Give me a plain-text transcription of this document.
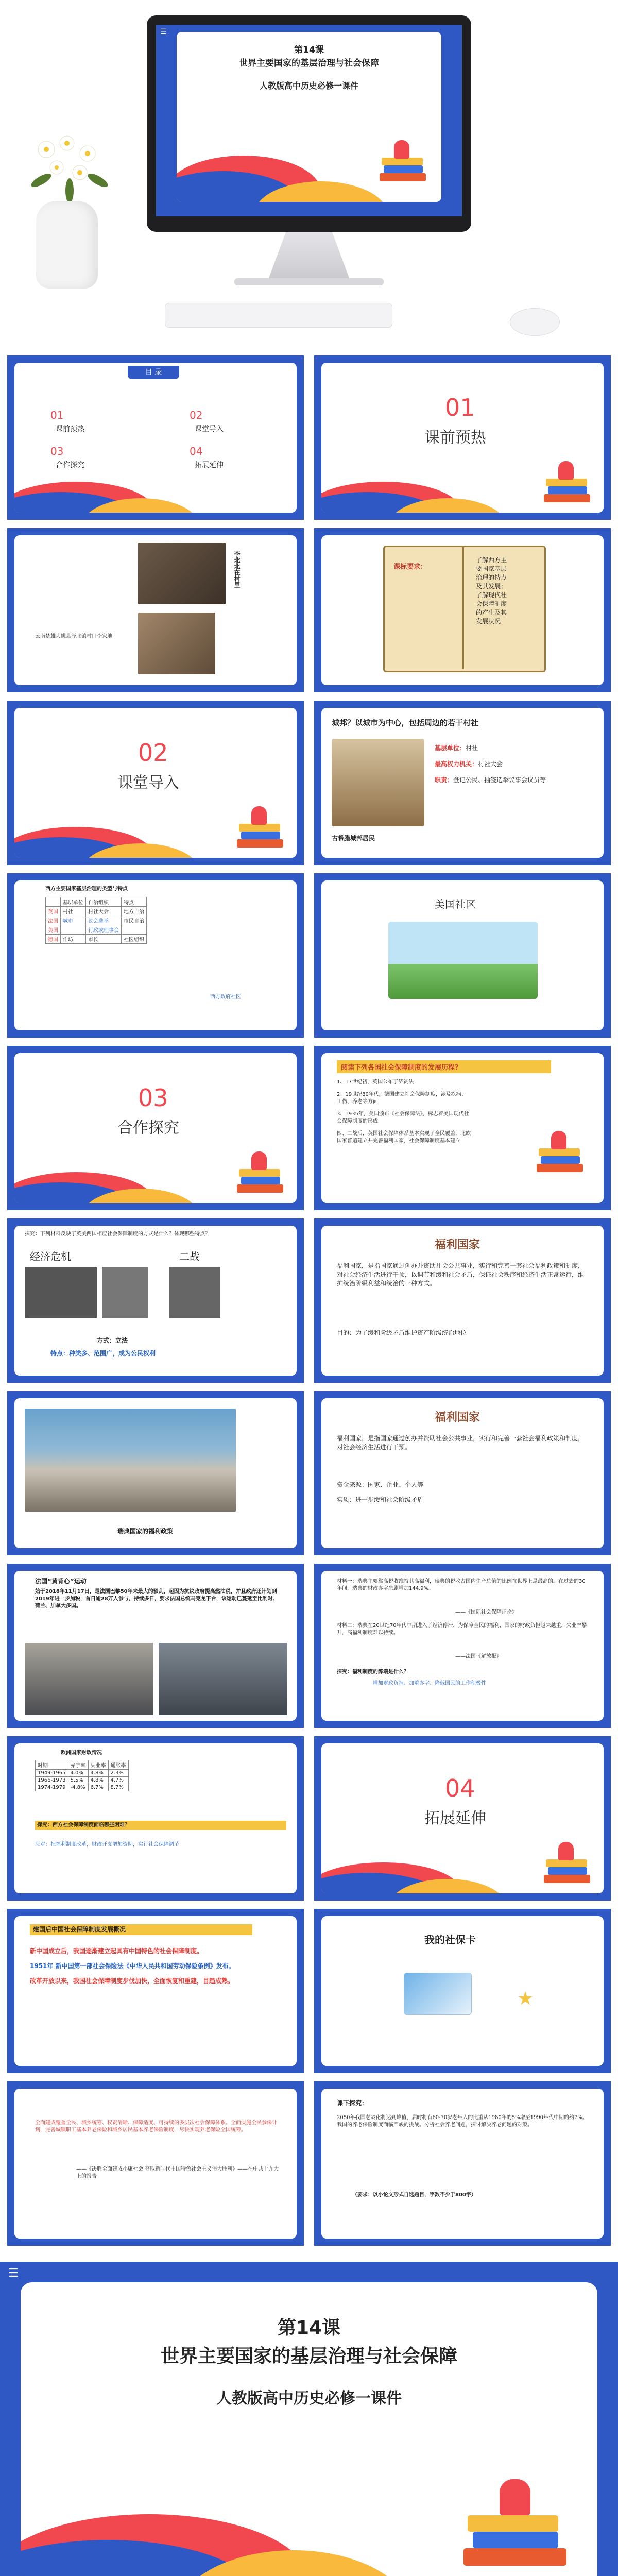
第14课
世界主要国家的基层治理与社会保障
人教版高中历史必修一课件
☰
目 录
01
课前预热
02
课堂导入
03
合作探究
04
拓展延伸
01
课前预热
李北北在村里
云南楚雄大姚县泽北镇村口李家地
课标要求：
了解西方主
要国家基层
治理的特点
及其发展；
了解现代社
会保障制度
的产生及其
发展状况
02
课堂导入
城邦？以城市为中心，包括周边的若干村社
基层单位：村社
最高权力机关：村社大会
职责：登记公民、抽签选举议事会议员等
古希腊城邦居民
西方主要国家基层治理的类型与特点
	基层单位	自治组织	特点
英国	村社	村社大会	地方自治
法国	城市	议会选举	市民自治
美国		行政或理事会	
德国	作坊	市长	社区组织
西方政府社区
美国社区
03
合作探究
阅读下列各国社会保障制度的发展历程?
1、17世纪初，英国公布了济贫法
2、19世纪80年代，德国建立社会保障制度，涉及疾病、工伤、养老等方面
3、1935年，美国颁布《社会保障法》，标志着美国现代社会保障制度的形成
四、二战后，英国社会保障体系基本实现了全民覆盖，北欧国家普遍建立并完善福利国家，社会保障制度基本建立
探究：下列材料反映了英美两国相应社会保障制度的方式是什么？体现哪些特点？
经济危机	二战
方式：立法
特点：种类多、范围广，成为公民权利
福利国家
福利国家，是指国家通过创办并资助社会公共事业，实行和完善一套社会福利政策和制度，对社会经济生活进行干预，以调节和缓和社会矛盾，保证社会秩序和经济生活正常运行，维护统治阶级利益和统治的一种方式。
目的：为了缓和阶级矛盾维护资产阶级统治地位
瑞典国家的福利政策
福利国家
福利国家，是指国家通过创办并资助社会公共事业，实行和完善一套社会福利政策和制度，对社会经济生活进行干预。
资金来源：国家、企业、个人等
实质：进一步缓和社会阶级矛盾
法国“黄背心”运动
始于2018年11月17日，是法国巴黎50年来最大的骚乱，起因为抗议政府提高燃油税，并且政府还计划到2019年进一步加税，首日逾28万人参与，持续多日，要求法国总统马克龙下台，该运动已蔓延至比利时、荷兰、加拿大多国。
材料一：瑞典主要靠高税收维持其高福利，瑞典的税收占国内生产总值的比例在世界上是最高的。在过去的30年间，瑞典的财政赤字急剧增加144.9%。
——《国际社会保障评论》
材料二：瑞典在20世纪70年代中期进入了经济停滞，为保障全民的福利，国家的财政负担越来越重，失业率攀升，高福利制度难以持续。
——法国《解放报》
探究：福利制度的弊端是什么？
增加财政负担、加重赤字、降低国民的工作积极性
欧洲国家财政情况
时期	赤字率	失业率	通胀率
1949-1965	4.0%	4.8%	2.3%
1966-1973	5.5%	4.8%	4.7%
1974-1979	-4.8%	6.7%	8.7%
探究：西方社会保障制度面临哪些困难？
应对：把福利制度改革，财政开支增加资助，实行社会保障调节
04
拓展延伸
建国后中国社会保障制度发展概况
新中国成立后，我国逐渐建立起具有中国特色的社会保障制度。
1951年 新中国第一部社会保险法《中华人民共和国劳动保险条例》发布。
改革开放以来，我国社会保障制度步伐加快，全面恢复和重建，目趋成熟。
我的社保卡
★
全面建成覆盖全民、城乡统筹、权责清晰、保障适度、可持续的多层次社会保障体系。全面实施全民参保计划，完善城镇职工基本养老保险和城乡居民基本养老保险制度，尽快实现养老保险全国统筹。
——《决胜全面建成小康社会 夺取新时代中国特色社会主义伟大胜利》——在中共十九大上的报告
课下探究：
2050年我国老龄化将达到峰值，届时将有60-70岁老年人的比重从1980年的5%增至1990年代中期的约7%。我国的养老保险制度面临严峻的挑战。分析社会养老问题，探讨解决养老问题的对策。
（要求：以小论文形式自选题目，字数不少于800字）
☰
第14课
世界主要国家的基层治理与社会保障
人教版高中历史必修一课件
